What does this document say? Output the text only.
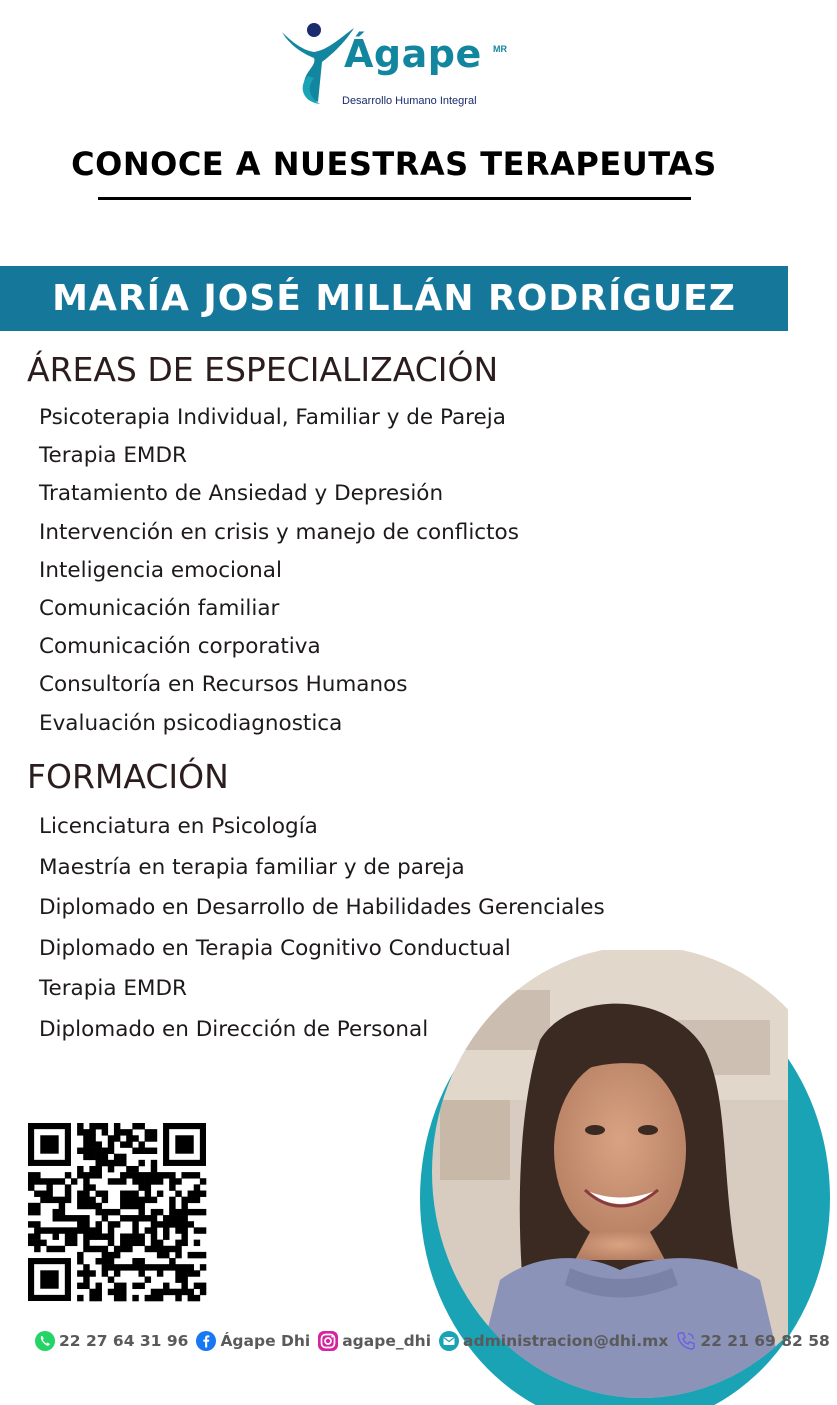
Ágape MR
Desarrollo Humano Integral
CONOCE A NUESTRAS TERAPEUTAS
MARÍA JOSÉ MILLÁN RODRÍGUEZ
ÁREAS DE ESPECIALIZACIÓN
Psicoterapia Individual, Familiar y de Pareja
Terapia EMDR
Tratamiento de Ansiedad y Depresión
Intervención en crisis y manejo de conflictos
Inteligencia emocional
Comunicación familiar
Comunicación corporativa
Consultoría en Recursos Humanos
Evaluación psicodiagnostica
FORMACIÓN
Licenciatura en Psicología
Maestría en terapia familiar y de pareja
Diplomado en Desarrollo de Habilidades Gerenciales
Diplomado en Terapia Cognitivo Conductual
Terapia EMDR
Diplomado en Dirección de Personal
22 27 64 31 96 Ágape Dhi agape_dhi administracion@dhi.mx 22 21 69 82 58
